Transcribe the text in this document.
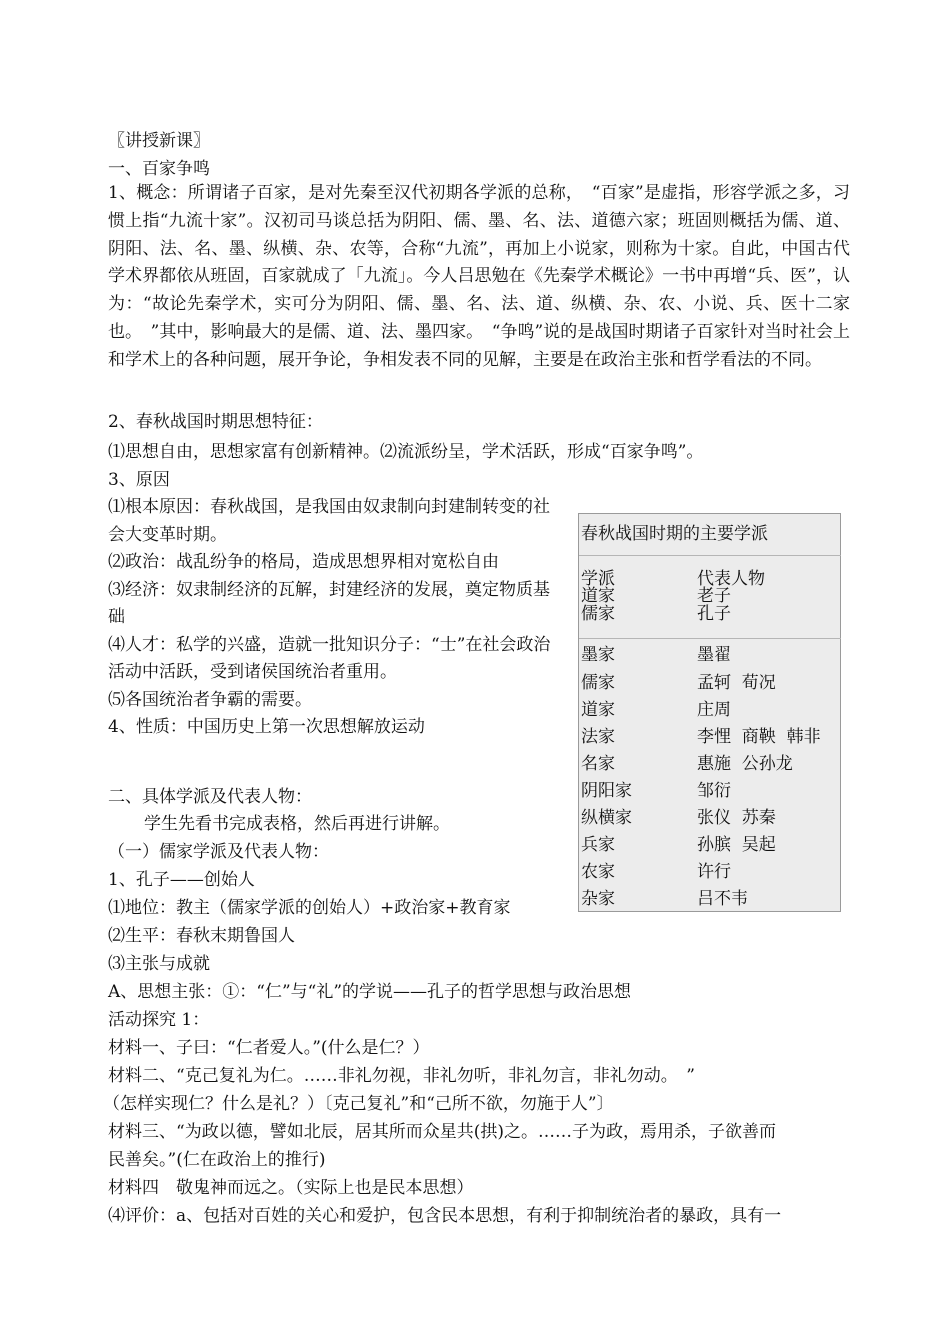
〖讲授新课〗
一、百家争鸣

1、概念：所谓诸子百家，是对先秦至汉代初期各学派的总称，　“百家”是虚指，形容学派之多，习惯上指“九流十家”。汉初司马谈总括为阴阳、儒、墨、名、法、道德六家；班固则概括为儒、道、阴阳、法、名、墨、纵横、杂、农等，合称“九流”，再加上小说家，则称为十家。自此，中国古代学术界都依从班固，百家就成了「九流」。今人吕思勉在《先秦学术概论》一书中再增“兵、医”，认为：“故论先秦学术，实可分为阴阳、儒、墨、名、法、道、纵横、杂、农、小说、兵、医十二家也。　”其中，影响最大的是儒、道、法、墨四家。　“争鸣”说的是战国时期诸子百家针对当时社会上和学术上的各种问题，展开争论，争相发表不同的见解，主要是在政治主张和哲学看法的不同。

2、春秋战国时期思想特征：
⑴思想自由，思想家富有创新精神。⑵流派纷呈，学术活跃，形成“百家争鸣”。
3、原因

⑴根本原因：春秋战国，是我国由奴隶制向封建制转变的社会大变革时期。

⑵政治：战乱纷争的格局，造成思想界相对宽松自由

⑶经济：奴隶制经济的瓦解，封建经济的发展，奠定物质基础

⑷人才：私学的兴盛，造就一批知识分子：“士”在社会政治活动中活跃，受到诸侯国统治者重用。

⑸各国统治者争霸的需要。

4、性质：中国历史上第一次思想解放运动

二、具体学派及代表人物：
学生先看书完成表格，然后再进行讲解。
（一）儒家学派及代表人物：
1、孔子——创始人
⑴地位：教主（儒家学派的创始人）+政治家+教育家
⑵生平：春秋末期鲁国人
⑶主张与成就
A、思想主张：①：“仁”与“礼”的学说——孔子的哲学思想与政治思想
活动探究 1：
材料一、子曰：“仁者爱人。”(什么是仁？）
材料二、“克己复礼为仁。……非礼勿视，非礼勿听，非礼勿言，非礼勿动。　”
（怎样实现仁？什么是礼？）〔克己复礼”和“己所不欲，勿施于人”〕
材料三、“为政以德，譬如北辰，居其所而众星共(拱)之。……子为政，焉用杀，子欲善而
民善矣。”(仁在政治上的推行)
材料四　敬鬼神而远之。（实际上也是民本思想）
⑷评价：a、包括对百姓的关心和爱护，包含民本思想，有利于抑制统治者的暴政，具有一
春秋战国时期的主要学派
学派	代表人物
道家	老子
儒家	孔子
墨家	墨翟
儒家	孟轲  荀况
道家	庄周
法家	李悝  商鞅  韩非
名家	惠施  公孙龙
阴阳家	邹衍
纵横家	张仪  苏秦
兵家	孙膑  吴起
农家	许行
杂家	吕不韦
